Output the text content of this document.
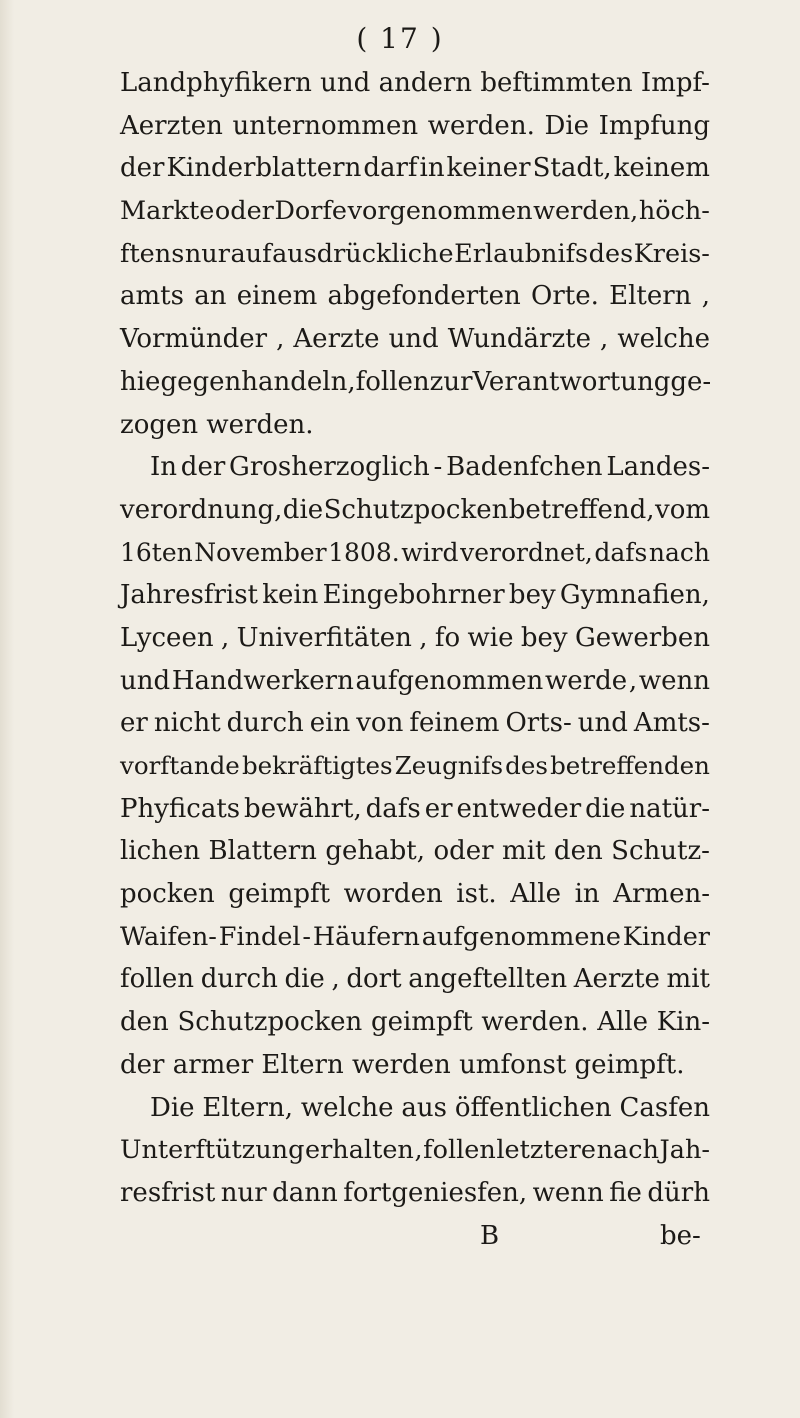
( 17 )
Landphyfikern und andern beftimmten Impf-
Aerzten unternommen werden. Die Impfung
der Kinderblattern darf in keiner Stadt, keinem
Markte oder Dorfe vorgenommen werden, höch-
ftens nur auf ausdrückliche Erlaubnifs des Kreis-
amts an einem abgefonderten Orte. Eltern ,
Vormünder , Aerzte und Wundärzte , welche
hiegegen handeln, follen zur Verantwortung ge-
zogen werden.
In der Grosherzoglich - Badenfchen Landes-
verordnung, die Schutzpocken betreffend, vom
16ten November 1808. wird verordnet, dafs nach
Jahresfrist kein Eingebohrner bey Gymnafien,
Lyceen , Univerfitäten , fo wie bey Gewerben
und Handwerkern aufgenommen werde , wenn
er nicht durch ein von feinem Orts- und Amts-
vorftande bekräftigtes Zeugnifs des betreffenden
Phyficats bewährt, dafs er entweder die natür-
lichen Blattern gehabt, oder mit den Schutz-
pocken geimpft worden ist. Alle in Armen-
Waifen- Findel - Häufern aufgenommene Kinder
follen durch die , dort angeftellten Aerzte mit
den Schutzpocken geimpft werden. Alle Kin-
der armer Eltern werden umfonst geimpft.
Die Eltern, welche aus öffentlichen Casfen
Unterftützung erhalten , follen letztere nach Jah-
resfrist nur dann fortgeniesfen, wenn fie dürh
B	be-
